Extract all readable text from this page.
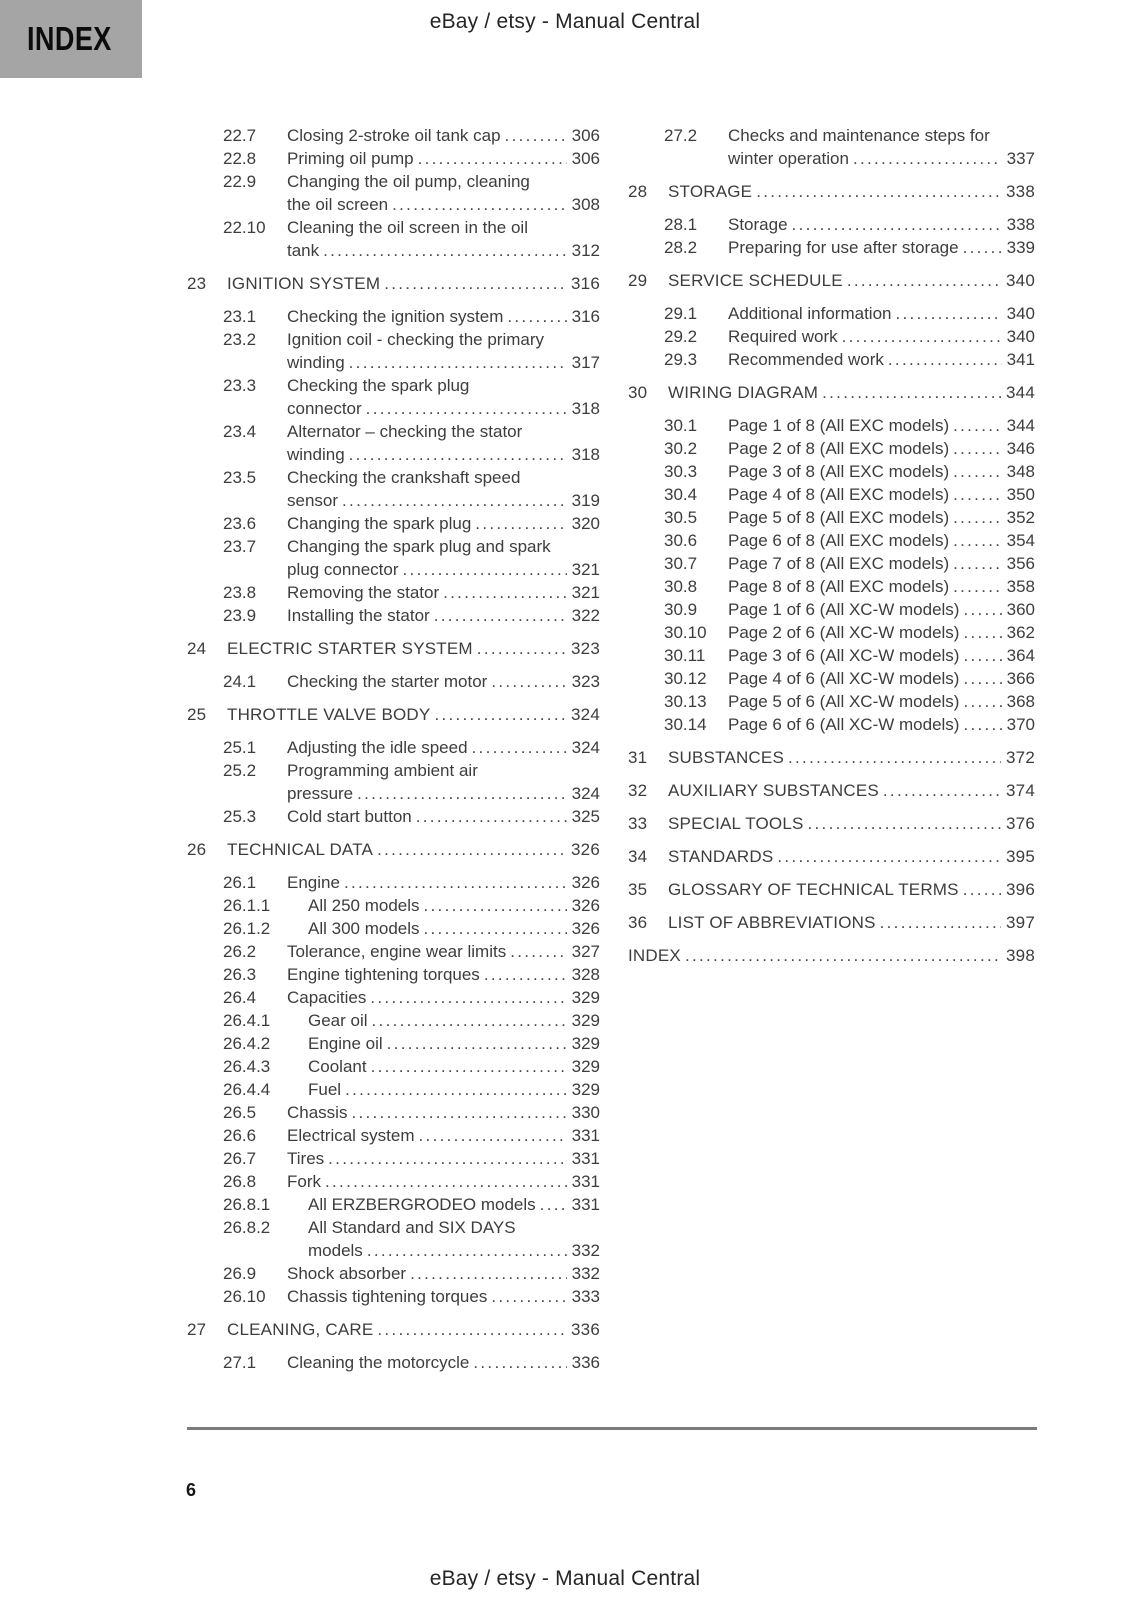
INDEX	eBay / etsy - Manual Central
22.7	Closing 2-stroke oil tank cap .....	306
22.8	Priming oil pump .....	306
22.9	Changing the oil pump, cleaning
the oil screen .....	308
22.10	Cleaning the oil screen in the oil
tank .....	312
23	IGNITION SYSTEM .....	316
23.1	Checking the ignition system .....	316
23.2	Ignition coil - checking the primary
winding .....	317
23.3	Checking the spark plug
connector .....	318
23.4	Alternator – checking the stator
winding .....	318
23.5	Checking the crankshaft speed
sensor .....	319
23.6	Changing the spark plug .....	320
23.7	Changing the spark plug and spark
plug connector .....	321
23.8	Removing the stator .....	321
23.9	Installing the stator .....	322
24	ELECTRIC STARTER SYSTEM .....	323
24.1	Checking the starter motor .....	323
25	THROTTLE VALVE BODY .....	324
25.1	Adjusting the idle speed .....	324
25.2	Programming ambient air
pressure .....	324
25.3	Cold start button .....	325
26	TECHNICAL DATA .....	326
26.1	Engine .....	326
26.1.1	All 250 models .....	326
26.1.2	All 300 models .....	326
26.2	Tolerance, engine wear limits .....	327
26.3	Engine tightening torques .....	328
26.4	Capacities .....	329
26.4.1	Gear oil .....	329
26.4.2	Engine oil .....	329
26.4.3	Coolant .....	329
26.4.4	Fuel .....	329
26.5	Chassis .....	330
26.6	Electrical system .....	331
26.7	Tires .....	331
26.8	Fork .....	331
26.8.1	All ERZBERGRODEO models ..... 331
26.8.2	All Standard and SIX DAYS
models .....	332
26.9	Shock absorber .....	332
26.10	Chassis tightening torques .....	333
27	CLEANING, CARE .....	336
27.1	Cleaning the motorcycle .....	336
27.2	Checks and maintenance steps for
winter operation .....	337
28	STORAGE .....	338
28.1	Storage .....	338
28.2	Preparing for use after storage .....	339
29	SERVICE SCHEDULE .....	340
29.1	Additional information .....	340
29.2	Required work .....	340
29.3	Recommended work .....	341
30	WIRING DIAGRAM .....	344
30.1	Page 1 of 8 (All EXC models) .....	344
30.2	Page 2 of 8 (All EXC models) .....	346
30.3	Page 3 of 8 (All EXC models) .....	348
30.4	Page 4 of 8 (All EXC models) .....	350
30.5	Page 5 of 8 (All EXC models) .....	352
30.6	Page 6 of 8 (All EXC models) .....	354
30.7	Page 7 of 8 (All EXC models) .....	356
30.8	Page 8 of 8 (All EXC models) .....	358
30.9	Page 1 of 6 (All XC-W models) .....	360
30.10	Page 2 of 6 (All XC-W models) .....	362
30.11	Page 3 of 6 (All XC-W models) .....	364
30.12	Page 4 of 6 (All XC-W models) .....	366
30.13	Page 5 of 6 (All XC-W models) .....	368
30.14	Page 6 of 6 (All XC-W models) .....	370
31	SUBSTANCES .....	372
32	AUXILIARY SUBSTANCES .....	374
33	SPECIAL TOOLS .....	376
34	STANDARDS .....	395
35	GLOSSARY OF TECHNICAL TERMS .....	396
36	LIST OF ABBREVIATIONS .....	397
INDEX .....	398
6
eBay / etsy - Manual Central
